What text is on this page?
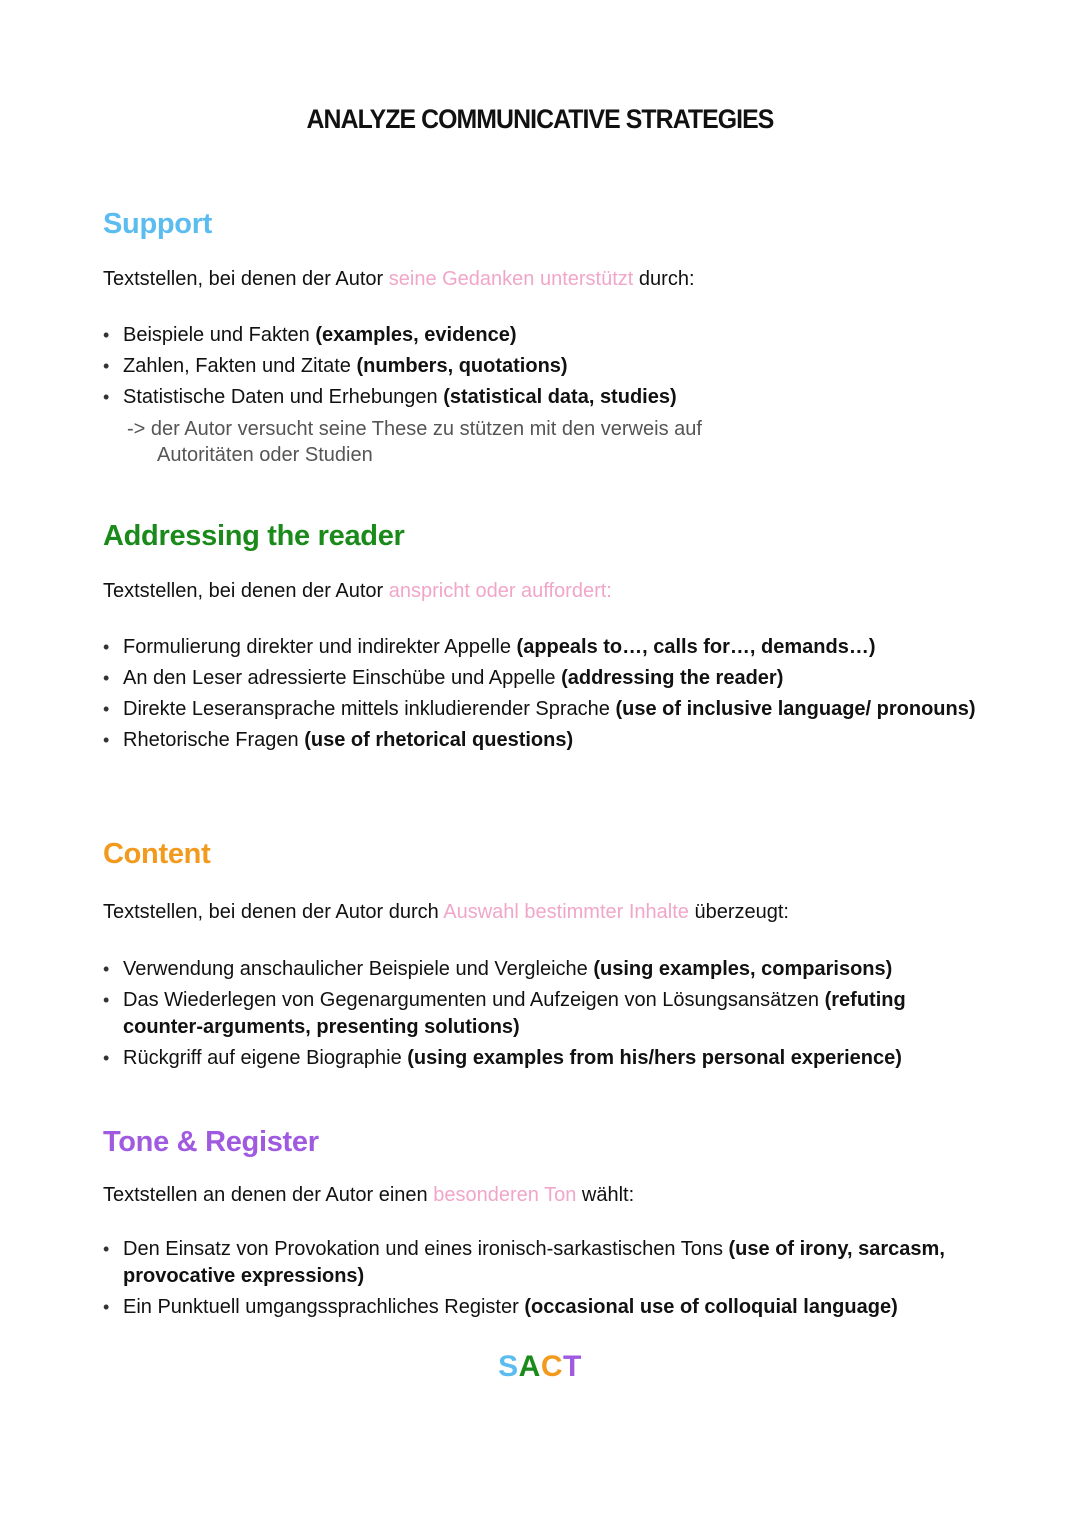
ANALYZE COMMUNICATIVE STRATEGIES
Support

Textstellen, bei denen der Autor seine Gedanken unterstützt durch:

• Beispiele und Fakten (examples, evidence)
• Zahlen, Fakten und Zitate (numbers, quotations)
• Statistische Daten und Erhebungen (statistical data, studies)

-> der Autor versucht seine These zu stützen mit den verweis auf
Autoritäten oder Studien

Addressing the reader

Textstellen, bei denen der Autor anspricht oder auffordert:

• Formulierung direkter und indirekter Appelle (appeals to…, calls for…, demands…)
• An den Leser adressierte Einschübe und Appelle (addressing the reader)
• Direkte Leseransprache mittels inkludierender Sprache (use of inclusive language/ pronouns)
• Rhetorische Fragen (use of rhetorical questions)
Content

Textstellen, bei denen der Autor durch Auswahl bestimmter Inhalte überzeugt:

• Verwendung anschaulicher Beispiele und Vergleiche (using examples, comparisons)
• Das Wiederlegen von Gegenargumenten und Aufzeigen von Lösungsansätzen (refuting counter-arguments, presenting solutions)
• Rückgriff auf eigene Biographie (using examples from his/hers personal experience)
Tone & Register

Textstellen an denen der Autor einen besonderen Ton wählt:

• Den Einsatz von Provokation und eines ironisch-sarkastischen Tons (use of irony, sarcasm, provocative expressions)
• Ein Punktuell umgangssprachliches Register (occasional use of colloquial language)
SACT
